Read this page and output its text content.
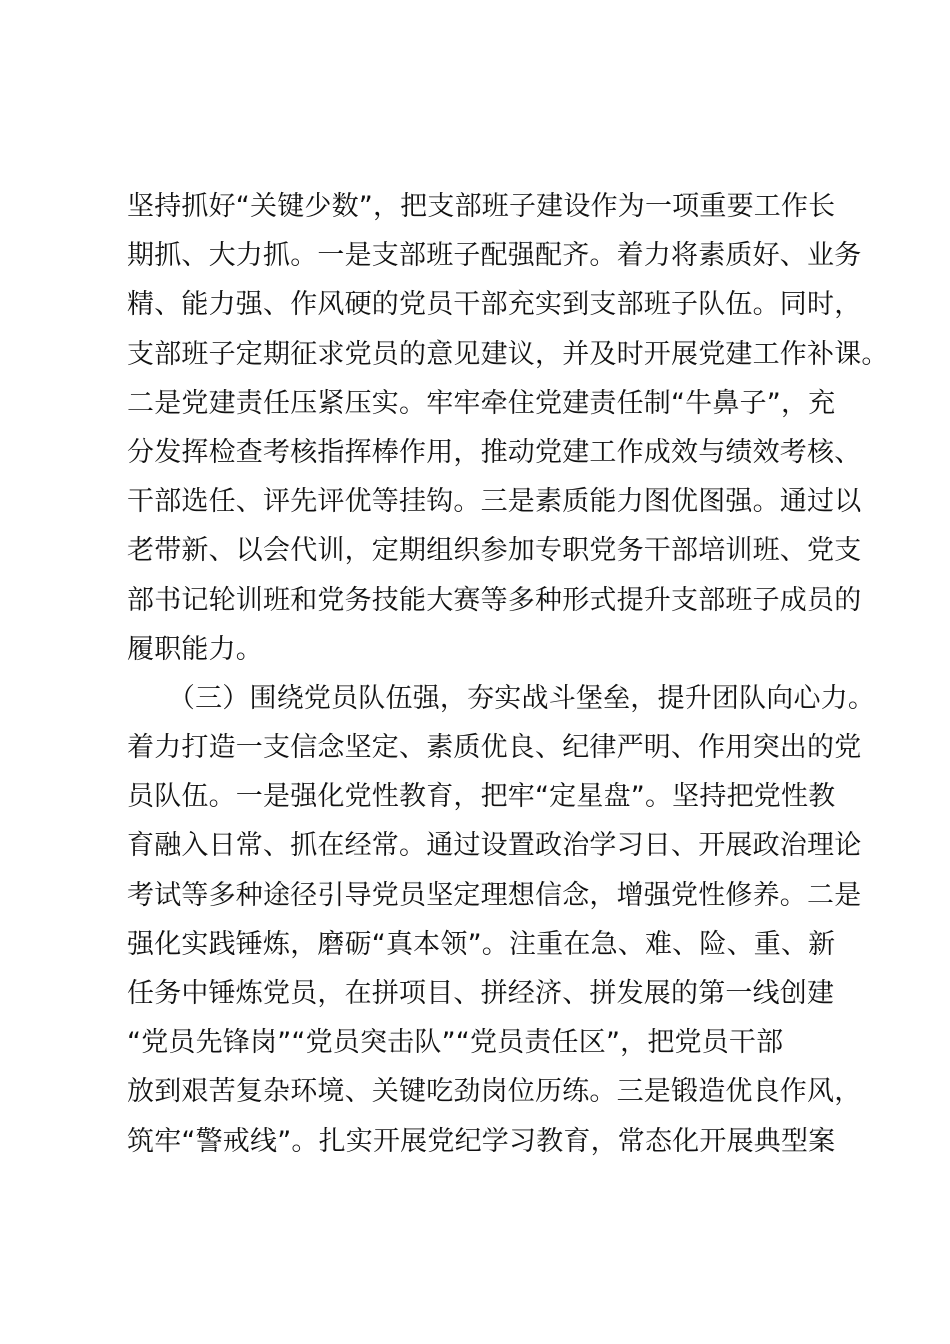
坚持抓好“关键少数”，把支部班子建设作为一项重要工作长
期抓、大力抓。一是支部班子配强配齐。着力将素质好、业务
精、能力强、作风硬的党员干部充实到支部班子队伍。同时，
支部班子定期征求党员的意见建议，并及时开展党建工作补课。
二是党建责任压紧压实。牢牢牵住党建责任制“牛鼻子”，充
分发挥检查考核指挥棒作用，推动党建工作成效与绩效考核、
干部选任、评先评优等挂钩。三是素质能力图优图强。通过以
老带新、以会代训，定期组织参加专职党务干部培训班、党支
部书记轮训班和党务技能大赛等多种形式提升支部班子成员的
履职能力。
　　（三）围绕党员队伍强，夯实战斗堡垒，提升团队向心力。
着力打造一支信念坚定、素质优良、纪律严明、作用突出的党
员队伍。一是强化党性教育，把牢“定星盘”。坚持把党性教
育融入日常、抓在经常。通过设置政治学习日、开展政治理论
考试等多种途径引导党员坚定理想信念，增强党性修养。二是
强化实践锤炼，磨砺“真本领”。注重在急、难、险、重、新
任务中锤炼党员，在拼项目、拼经济、拼发展的第一线创建
“党员先锋岗”“党员突击队”“党员责任区”，把党员干部
放到艰苦复杂环境、关键吃劲岗位历练。三是锻造优良作风，
筑牢“警戒线”。扎实开展党纪学习教育，常态化开展典型案
